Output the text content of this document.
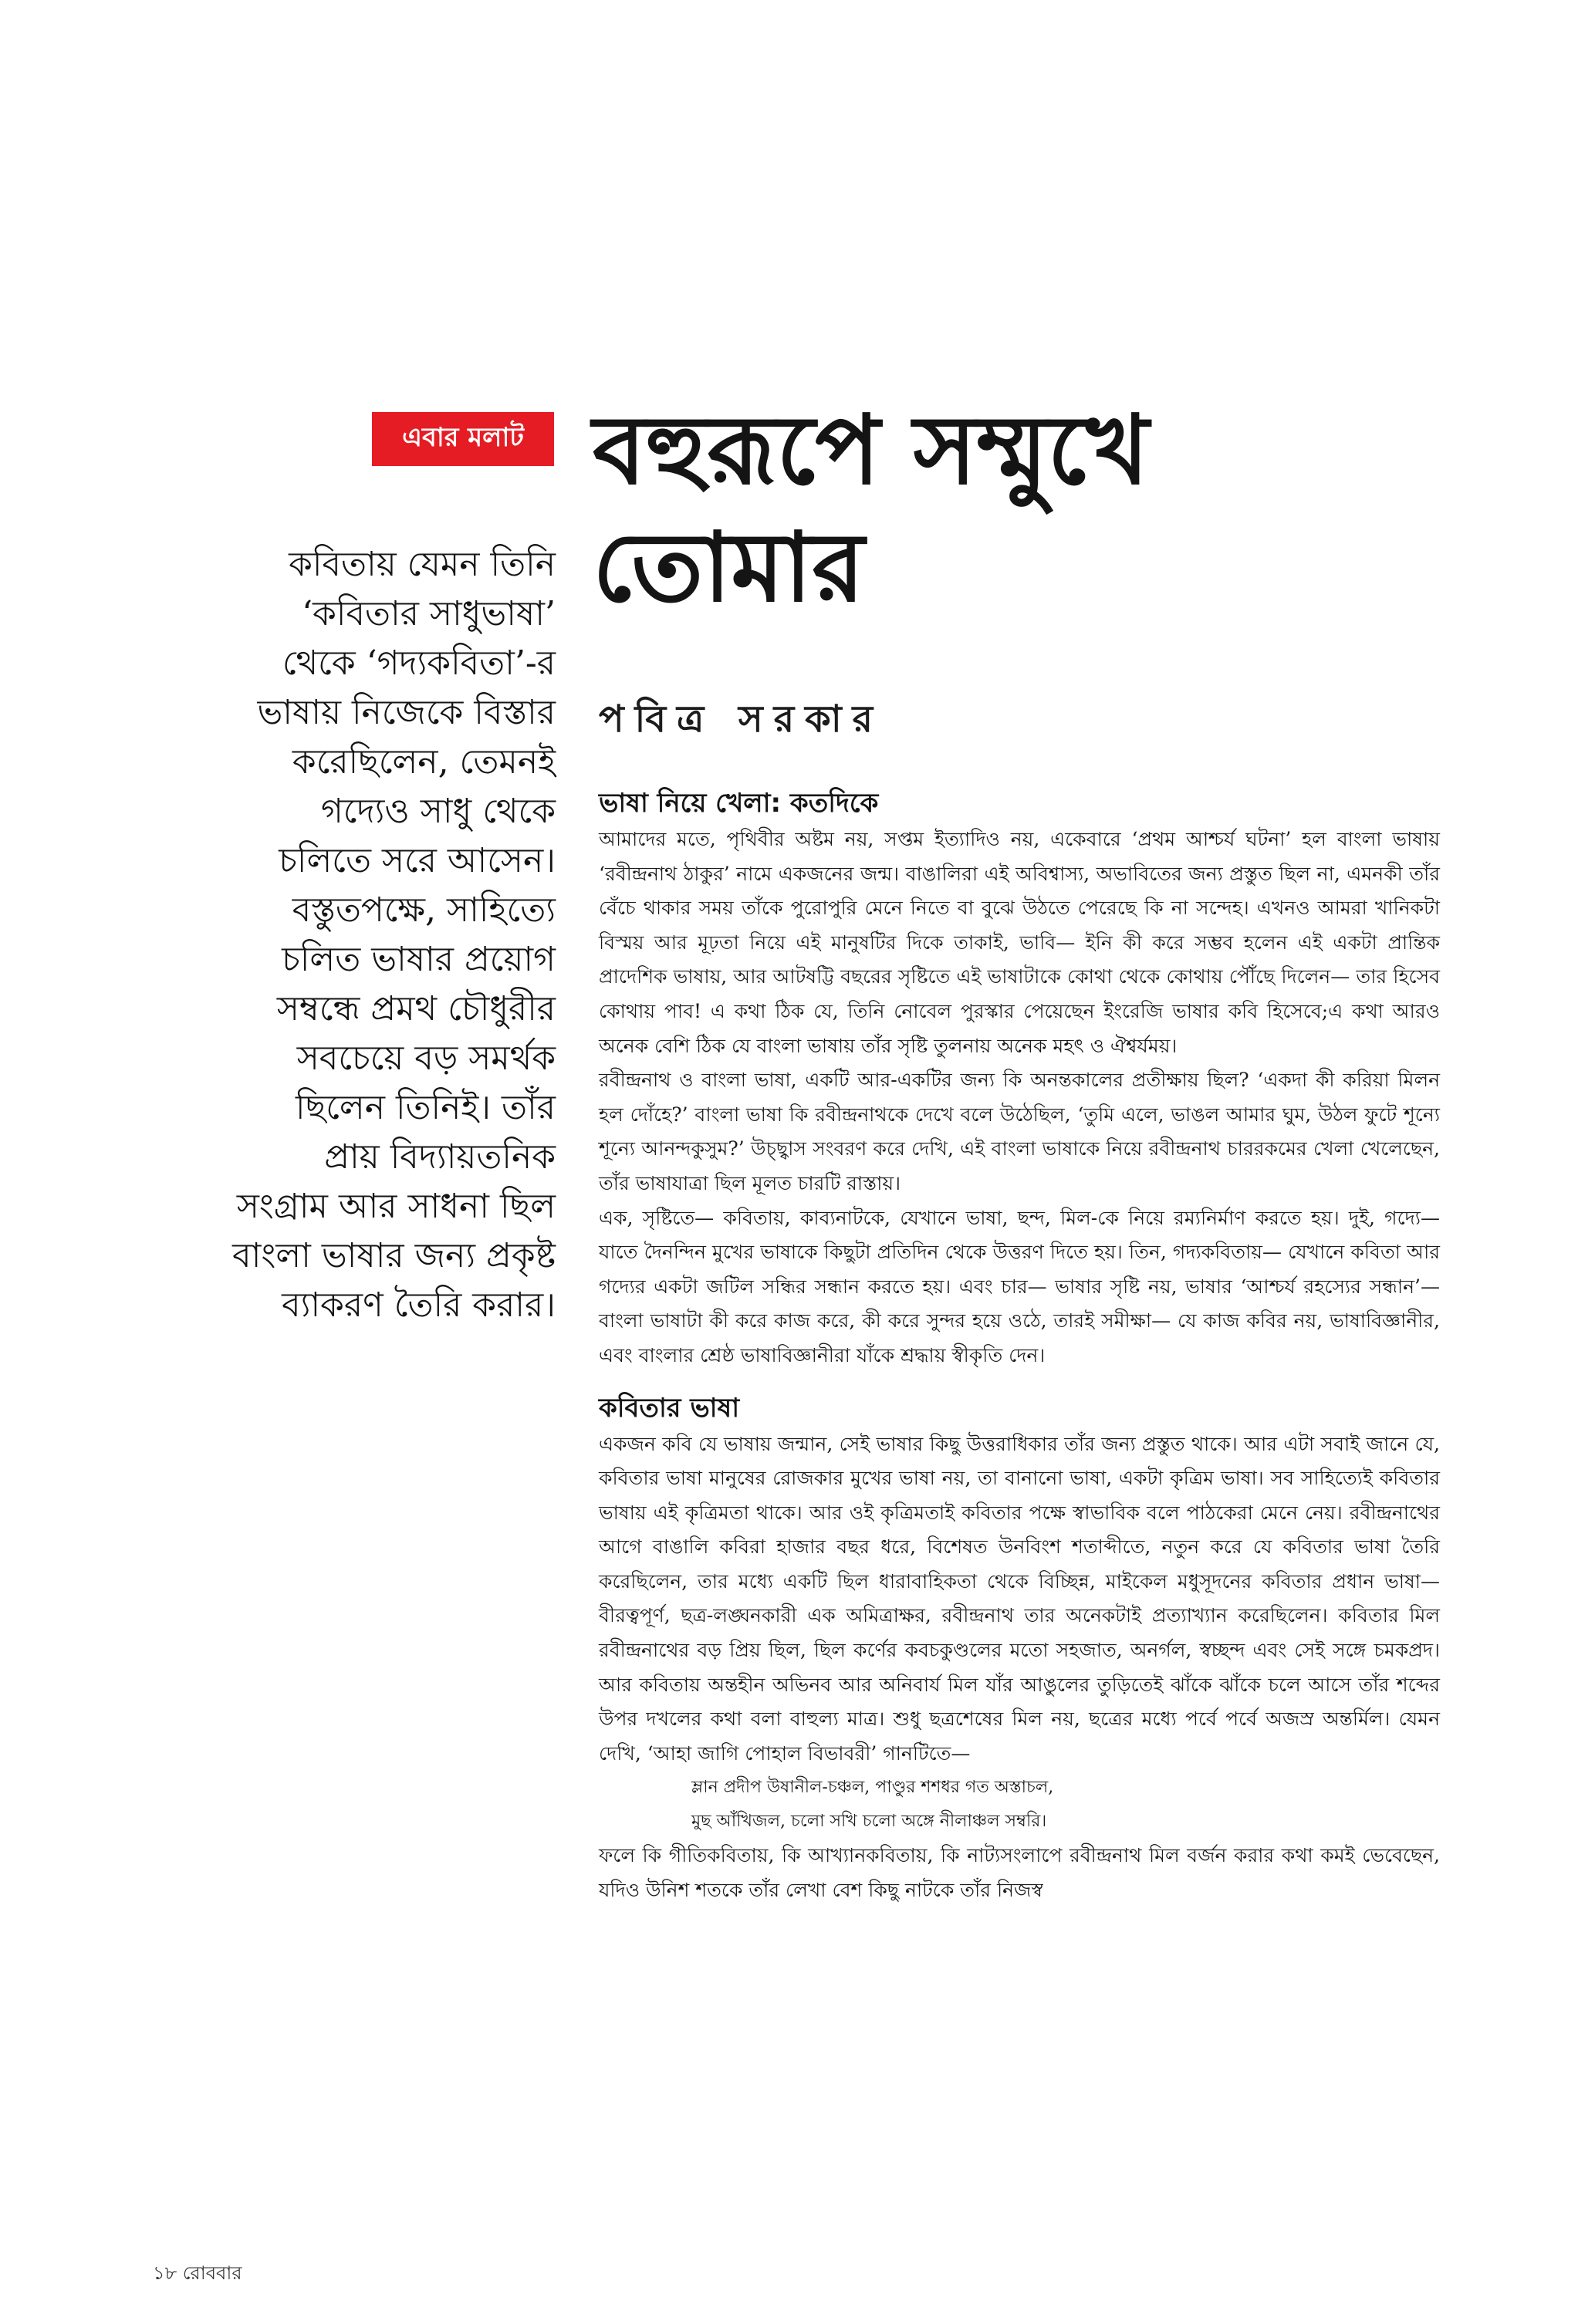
এবার মলাট বহুরূপে সম্মুখে
তোমার
পবিত্র সরকার
কবিতায় যেমন তিনি
‘কবিতার সাধুভাষা’
থেকে ‘গদ্যকবিতা’-র
ভাষায় নিজেকে বিস্তার
করেছিলেন, তেমনই
গদ্যেও সাধু থেকে
চলিতে সরে আসেন।
বস্তুতপক্ষে, সাহিত্যে
চলিত ভাষার প্রয়োগ
সম্বন্ধে প্রমথ চৌধুরীর
সবচেয়ে বড় সমর্থক
ছিলেন তিনিই। তাঁর
প্রায় বিদ্যায়তনিক
সংগ্রাম আর সাধনা ছিল
বাংলা ভাষার জন্য প্রকৃষ্ট
ব্যাকরণ তৈরি করার।
ভাষা নিয়ে খেলা: কতদিকে

আমাদের মতে, পৃথিবীর অষ্টম নয়, সপ্তম ইত্যাদিও নয়, একেবারে ‘প্রথম আশ্চর্য ঘটনা’ হল বাংলা ভাষায় ‘রবীন্দ্রনাথ ঠাকুর’ নামে একজনের জন্ম। বাঙালিরা এই অবিশ্বাস্য, অভাবিতের জন্য প্রস্তুত ছিল না, এমনকী তাঁর বেঁচে থাকার সময় তাঁকে পুরোপুরি মেনে নিতে বা বুঝে উঠতে পেরেছে কি না সন্দেহ। এখনও আমরা খানিকটা বিস্ময় আর মূঢ়তা নিয়ে এই মানুষটির দিকে তাকাই, ভাবি— ইনি কী করে সম্ভব হলেন এই একটা প্রান্তিক প্রাদেশিক ভাষায়, আর আটষট্টি বছরের সৃষ্টিতে এই ভাষাটাকে কোথা থেকে কোথায় পৌঁছে দিলেন— তার হিসেব কোথায় পাব! এ কথা ঠিক যে, তিনি নোবেল পুরস্কার পেয়েছেন ইংরেজি ভাষার কবি হিসেবে;এ কথা আরও অনেক বেশি ঠিক যে বাংলা ভাষায় তাঁর সৃষ্টি তুলনায় অনেক মহৎ ও ঐশ্বর্যময়।

রবীন্দ্রনাথ ও বাংলা ভাষা, একটি আর-একটির জন্য কি অনন্তকালের প্রতীক্ষায় ছিল? ‘একদা কী করিয়া মিলন হল দোঁহে?’ বাংলা ভাষা কি রবীন্দ্রনাথকে দেখে বলে উঠেছিল, ‘তুমি এলে, ভাঙল আমার ঘুম, উঠল ফুটে শূন্যে শূন্যে আনন্দকুসুম?’ উচ্ছ্বাস সংবরণ করে দেখি, এই বাংলা ভাষাকে নিয়ে রবীন্দ্রনাথ চাররকমের খেলা খেলেছেন, তাঁর ভাষাযাত্রা ছিল মূলত চারটি রাস্তায়।

এক, সৃষ্টিতে— কবিতায়, কাব্যনাটকে, যেখানে ভাষা, ছন্দ, মিল-কে নিয়ে রম্যনির্মাণ করতে হয়। দুই, গদ্যে— যাতে দৈনন্দিন মুখের ভাষাকে কিছুটা প্রতিদিন থেকে উত্তরণ দিতে হয়। তিন, গদ্যকবিতায়— যেখানে কবিতা আর গদ্যের একটা জটিল সন্ধির সন্ধান করতে হয়। এবং চার— ভাষার সৃষ্টি নয়, ভাষার ‘আশ্চর্য রহস্যের সন্ধান’— বাংলা ভাষাটা কী করে কাজ করে, কী করে সুন্দর হয়ে ওঠে, তারই সমীক্ষা— যে কাজ কবির নয়, ভাষাবিজ্ঞানীর, এবং বাংলার শ্রেষ্ঠ ভাষাবিজ্ঞানীরা যাঁকে শ্রদ্ধায় স্বীকৃতি দেন।

কবিতার ভাষা

একজন কবি যে ভাষায় জন্মান, সেই ভাষার কিছু উত্তরাধিকার তাঁর জন্য প্রস্তুত থাকে। আর এটা সবাই জানে যে, কবিতার ভাষা মানুষের রোজকার মুখের ভাষা নয়, তা বানানো ভাষা, একটা কৃত্রিম ভাষা। সব সাহিত্যেই কবিতার ভাষায় এই কৃত্রিমতা থাকে। আর ওই কৃত্রিমতাই কবিতার পক্ষে স্বাভাবিক বলে পাঠকেরা মেনে নেয়। রবীন্দ্রনাথের আগে বাঙালি কবিরা হাজার বছর ধরে, বিশেষত উনবিংশ শতাব্দীতে, নতুন করে যে কবিতার ভাষা তৈরি করেছিলেন, তার মধ্যে একটি ছিল ধারাবাহিকতা থেকে বিচ্ছিন্ন, মাইকেল মধুসূদনের কবিতার প্রধান ভাষা— বীরত্বপূর্ণ, ছত্র-লঙ্ঘনকারী এক অমিত্রাক্ষর, রবীন্দ্রনাথ তার অনেকটাই প্রত্যাখ্যান করেছিলেন। কবিতার মিল রবীন্দ্রনাথের বড় প্রিয় ছিল, ছিল কর্ণের কবচকুণ্ডলের মতো সহজাত, অনর্গল, স্বচ্ছন্দ এবং সেই সঙ্গে চমকপ্রদ। আর কবিতায় অন্তহীন অভিনব আর অনিবার্য মিল যাঁর আঙুলের তুড়িতেই ঝাঁকে ঝাঁকে চলে আসে তাঁর শব্দের উপর দখলের কথা বলা বাহুল্য মাত্র। শুধু ছত্রশেষের মিল নয়, ছত্রের মধ্যে পর্বে পর্বে অজস্র অন্তর্মিল। যেমন দেখি, ‘আহা জাগি পোহাল বিভাবরী’ গানটিতে—

ম্লান প্রদীপ উষানীল-চঞ্চল, পাণ্ডুর শশধর গত অস্তাচল,

মুছ আঁখিজল, চলো সখি চলো অঙ্গে নীলাঞ্চল সম্বরি।

ফলে কি গীতিকবিতায়, কি আখ্যানকবিতায়, কি নাট্যসংলাপে রবীন্দ্রনাথ মিল বর্জন করার কথা কমই ভেবেছেন, যদিও উনিশ শতকে তাঁর লেখা বেশ কিছু নাটকে তাঁর নিজস্ব

১৮ রোববার
